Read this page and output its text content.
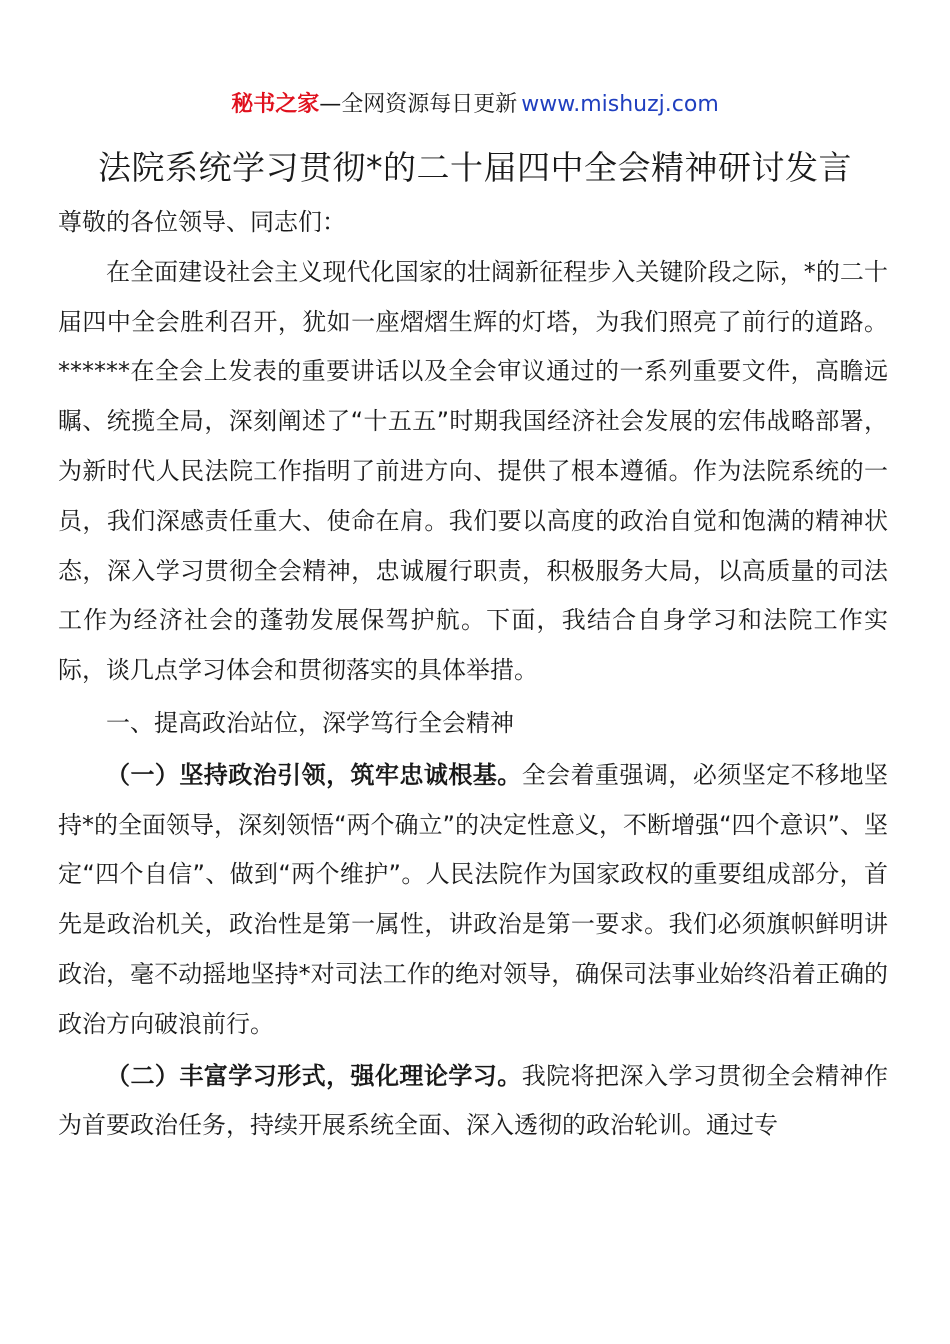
秘书之家—全网资源每日更新 www.mishuzj.com
法院系统学习贯彻*的二十届四中全会精神研讨发言

尊敬的各位领导、同志们：

在全面建设社会主义现代化国家的壮阔新征程步入关键阶段之际，*的二十届四中全会胜利召开，犹如一座熠熠生辉的灯塔，为我们照亮了前行的道路。******在全会上发表的重要讲话以及全会审议通过的一系列重要文件，高瞻远瞩、统揽全局，深刻阐述了“十五五”时期我国经济社会发展的宏伟战略部署，为新时代人民法院工作指明了前进方向、提供了根本遵循。作为法院系统的一员，我们深感责任重大、使命在肩。我们要以高度的政治自觉和饱满的精神状态，深入学习贯彻全会精神，忠诚履行职责，积极服务大局，以高质量的司法工作为经济社会的蓬勃发展保驾护航。下面，我结合自身学习和法院工作实际，谈几点学习体会和贯彻落实的具体举措。

一、提高政治站位，深学笃行全会精神

（一）坚持政治引领，筑牢忠诚根基。全会着重强调，必须坚定不移地坚持*的全面领导，深刻领悟“两个确立”的决定性意义，不断增强“四个意识”、坚定“四个自信”、做到“两个维护”。人民法院作为国家政权的重要组成部分，首先是政治机关，政治性是第一属性，讲政治是第一要求。我们必须旗帜鲜明讲政治，毫不动摇地坚持*对司法工作的绝对领导，确保司法事业始终沿着正确的政治方向破浪前行。

（二）丰富学习形式，强化理论学习。我院将把深入学习贯彻全会精神作为首要政治任务，持续开展系统全面、深入透彻的政治轮训。通过专
